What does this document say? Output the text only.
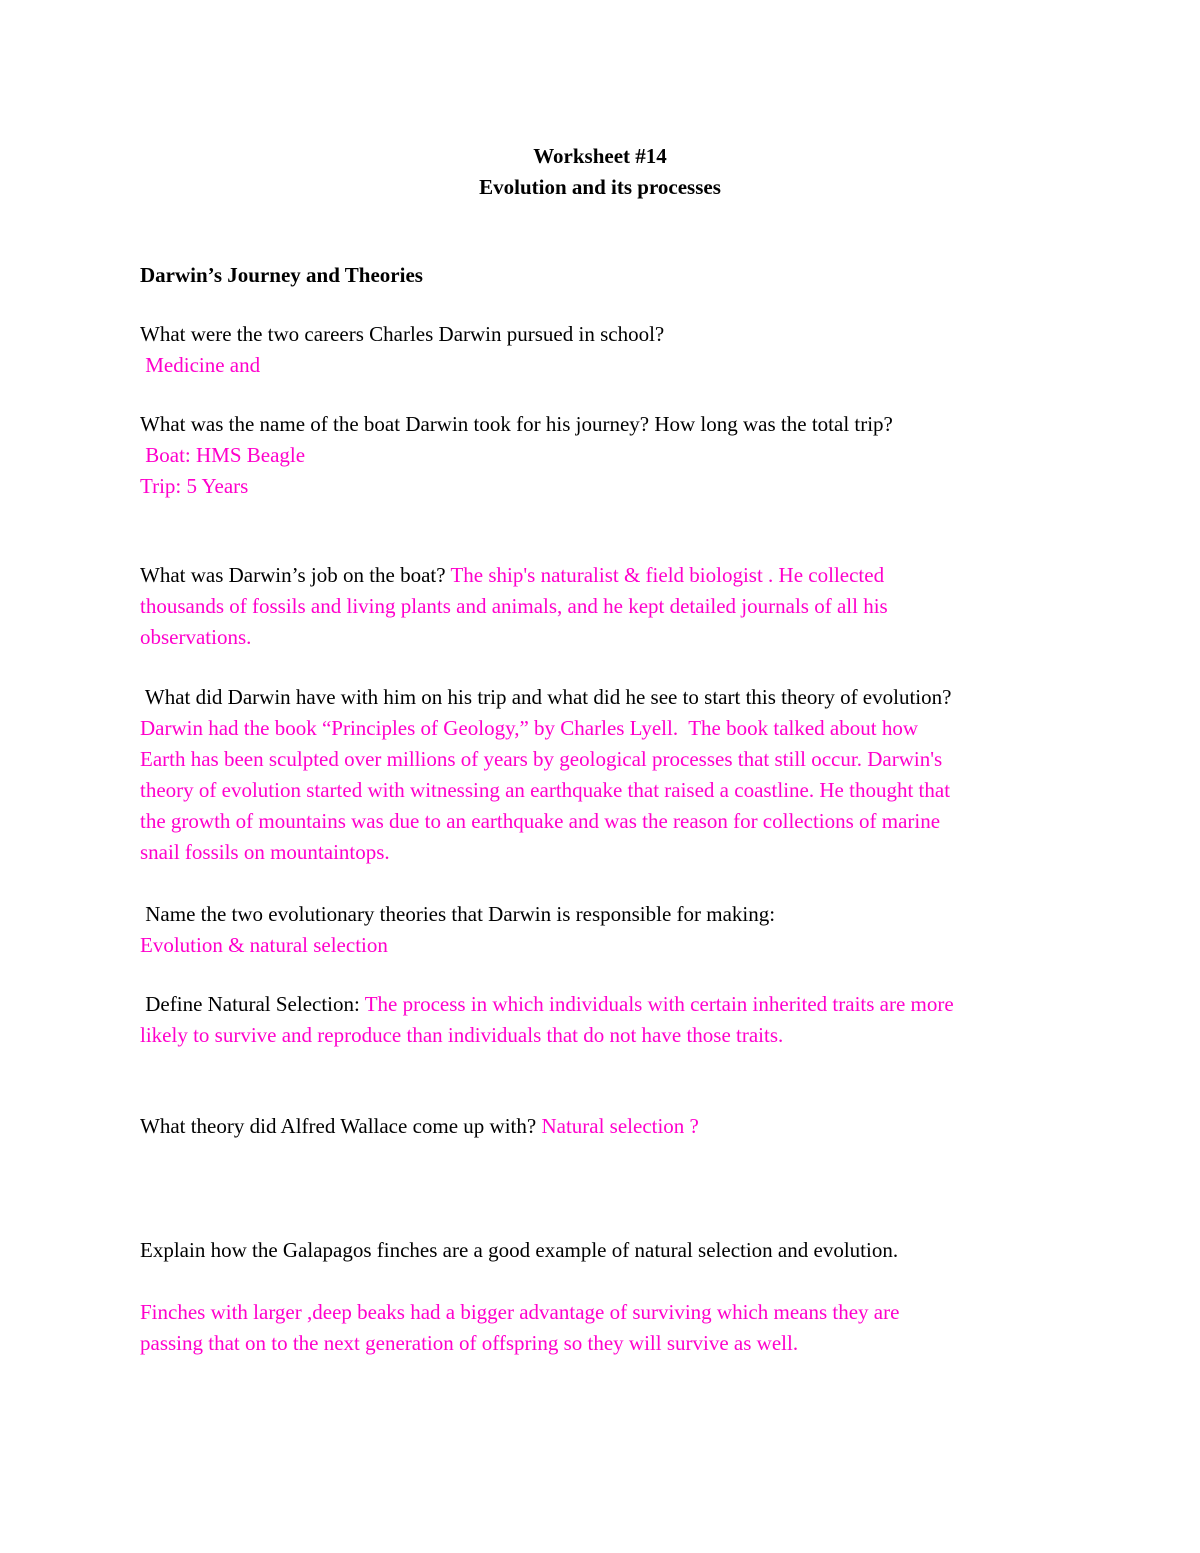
Worksheet #14
Evolution and its processes
Darwin’s Journey and Theories
What were the two careers Charles Darwin pursued in school?
Medicine and
What was the name of the boat Darwin took for his journey? How long was the total trip?
Boat: HMS Beagle
Trip: 5 Years
What was Darwin’s job on the boat? The ship's naturalist & field biologist . He collected
thousands of fossils and living plants and animals, and he kept detailed journals of all his
observations.
What did Darwin have with him on his trip and what did he see to start this theory of evolution?
Darwin had the book “Principles of Geology,” by Charles Lyell.  The book talked about how
Earth has been sculpted over millions of years by geological processes that still occur. Darwin's
theory of evolution started with witnessing an earthquake that raised a coastline. He thought that
the growth of mountains was due to an earthquake and was the reason for collections of marine
snail fossils on mountaintops.
Name the two evolutionary theories that Darwin is responsible for making:
Evolution & natural selection
Define Natural Selection: The process in which individuals with certain inherited traits are more
likely to survive and reproduce than individuals that do not have those traits.
What theory did Alfred Wallace come up with? Natural selection ?
Explain how the Galapagos finches are a good example of natural selection and evolution.
Finches with larger ,deep beaks had a bigger advantage of surviving which means they are
passing that on to the next generation of offspring so they will survive as well.
